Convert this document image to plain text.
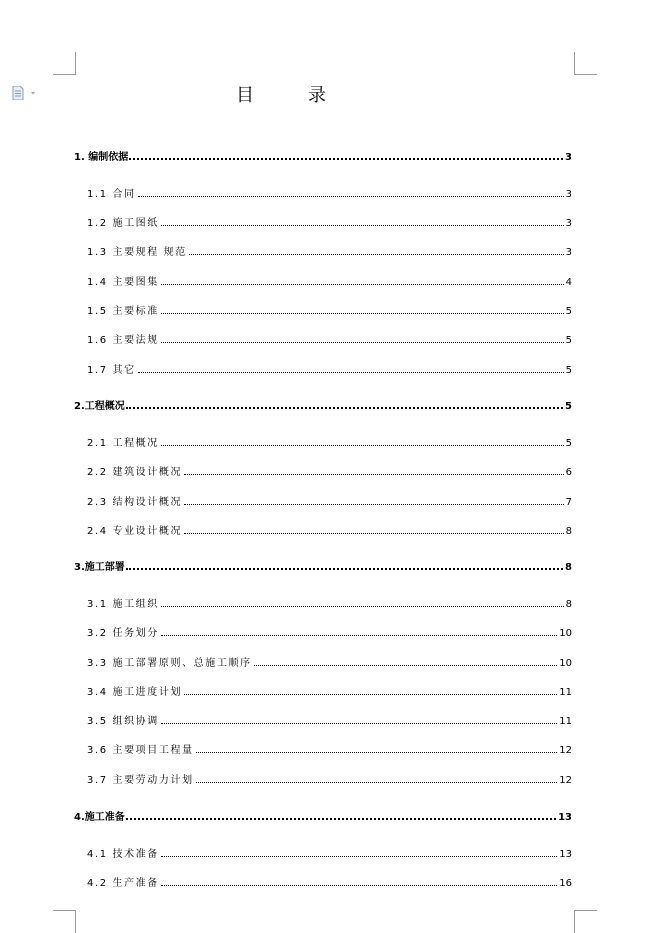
目　录
1. 编制依据	3
1.1 合同	3
1.2 施工图纸	3
1.3 主要规程 规范	3
1.4 主要图集	4
1.5 主要标准	5
1.6 主要法规	5
1.7 其它	5
2.工程概况	5
2.1 工程概况	5
2.2 建筑设计概况	6
2.3 结构设计概况	7
2.4 专业设计概况	8
3.施工部署	8
3.1 施工组织	8
3.2 任务划分	10
3.3 施工部署原则、总施工顺序	10
3.4 施工进度计划	11
3.5 组织协调	11
3.6 主要项目工程量	12
3.7 主要劳动力计划	12
4.施工准备	13
4.1 技术准备	13
4.2 生产准备	16
